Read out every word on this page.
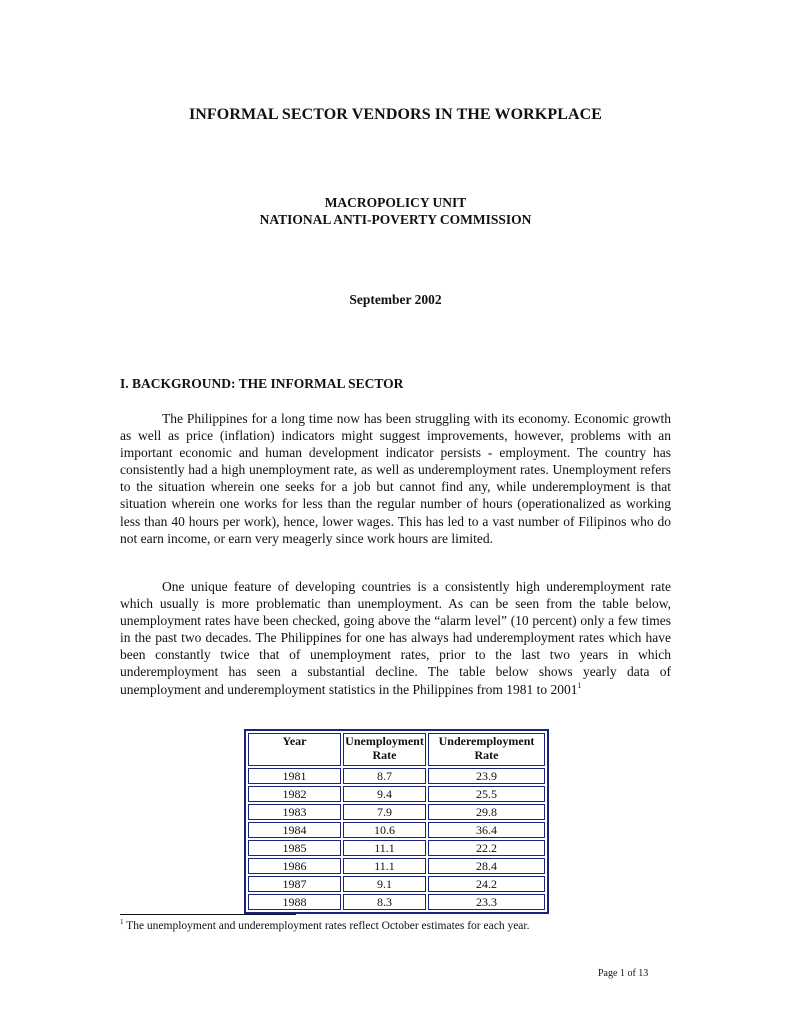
INFORMAL SECTOR VENDORS IN THE WORKPLACE
MACROPOLICY UNIT
NATIONAL ANTI-POVERTY COMMISSION
September 2002
I. BACKGROUND: THE INFORMAL SECTOR

The Philippines for a long time now has been struggling with its economy. Economic growth as well as price (inflation) indicators might suggest improvements, however, problems with an important economic and human development indicator persists - employment. The country has consistently had a high unemployment rate, as well as underemployment rates. Unemployment refers to the situation wherein one seeks for a job but cannot find any, while underemployment is that situation wherein one works for less than the regular number of hours (operationalized as working less than 40 hours per work), hence, lower wages. This has led to a vast number of Filipinos who do not earn income, or earn very meagerly since work hours are limited.

One unique feature of developing countries is a consistently high underemployment rate which usually is more problematic than unemployment. As can be seen from the table below, unemployment rates have been checked, going above the “alarm level” (10 percent) only a few times in the past two decades. The Philippines for one has always had underemployment rates which have been constantly twice that of unemployment rates, prior to the last two years in which underemployment has seen a substantial decline. The table below shows yearly data of unemployment and underemployment statistics in the Philippines from 1981 to 2001$^1$

Year	Unemployment Rate	Underemployment Rate
1981	8.7	23.9
1982	9.4	25.5
1983	7.9	29.8
1984	10.6	36.4
1985	11.1	22.2
1986	11.1	28.4
1987	9.1	24.2
1988	8.3	23.3
$^1$ The unemployment and underemployment rates reflect October estimates for each year.
Page 1 of 13
